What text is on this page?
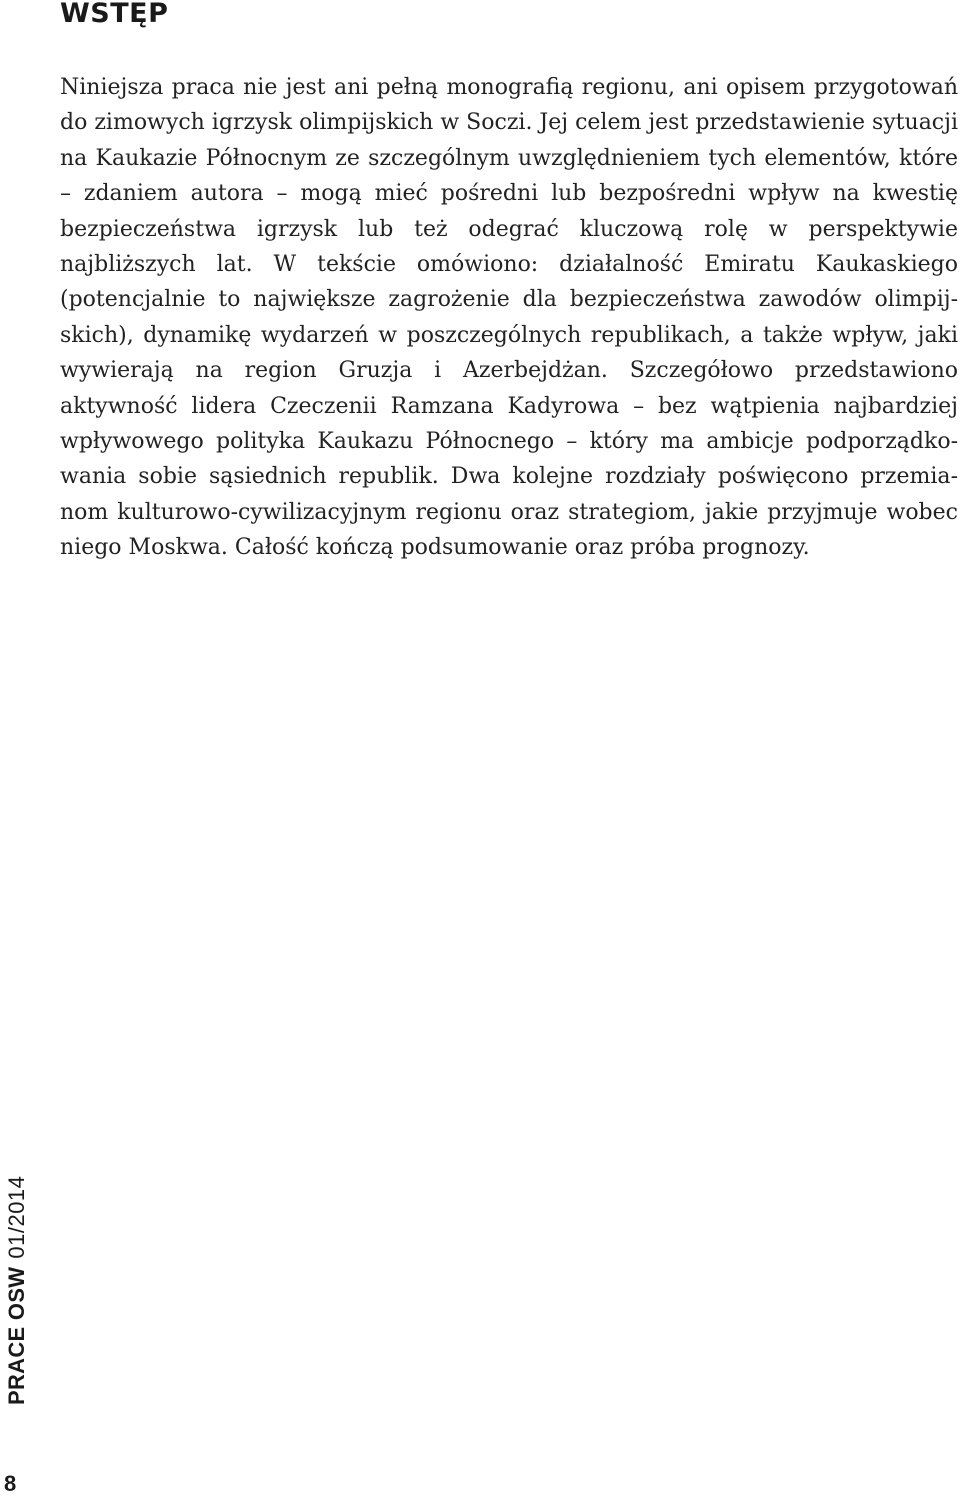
WSTĘP

Niniejsza praca nie jest ani pełną monografią regionu, ani opisem przygotowań do zimowych igrzysk olimpijskich w Soczi. Jej celem jest przedstawienie sytuacji na Kaukazie Północnym ze szczególnym uwzględnieniem tych elementów, które – zdaniem autora – mogą mieć pośredni lub bezpośredni wpływ na kwestię bezpieczeństwa igrzysk lub też odegrać kluczową rolę w perspektywie najbliższych lat. W tekście omówiono: działalność Emiratu Kaukaskiego (potencjalnie to największe zagrożenie dla bezpieczeństwa zawodów olimpijskich), dynamikę wydarzeń w poszczególnych republikach, a także wpływ, jaki wywierają na region Gruzja i Azerbejdżan. Szczegółowo przedstawiono aktywność lidera Czeczenii Ramzana Kadyrowa – bez wątpienia najbardziej wpływowego polityka Kaukazu Północnego – który ma ambicje podporządkowania sobie sąsiednich republik. Dwa kolejne rozdziały poświęcono przemianom kulturowo-cywilizacyjnym regionu oraz strategiom, jakie przyjmuje wobec niego Moskwa. Całość kończą podsumowanie oraz próba prognozy.

PRACE OSW01/2014
8
